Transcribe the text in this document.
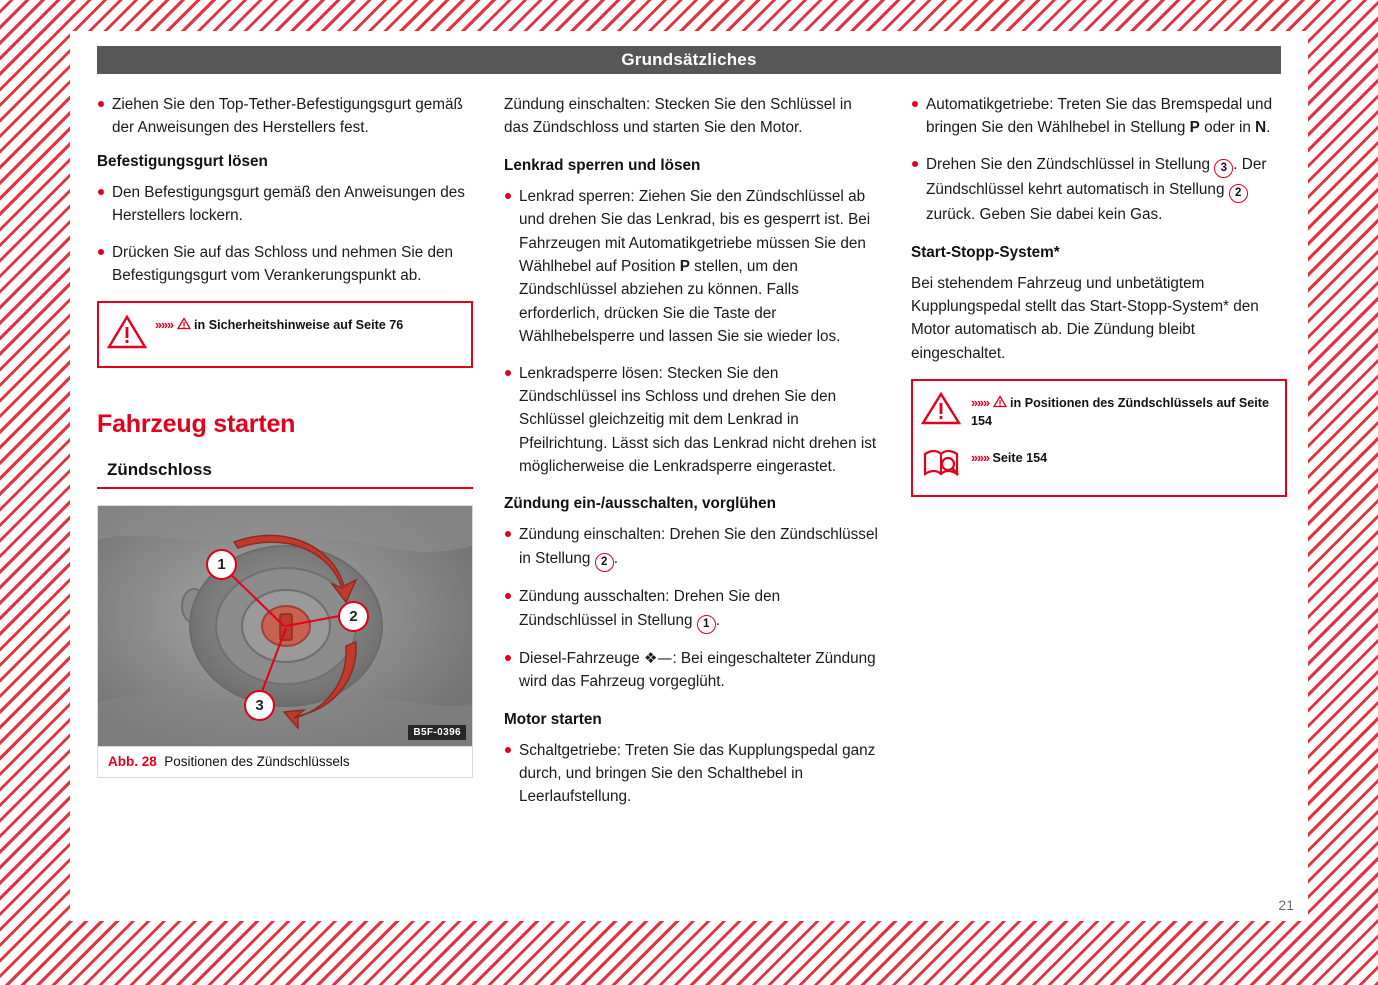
Grundsätzliches

Ziehen Sie den Top-Tether-Befestigungsgurt gemäß der Anweisungen des Herstellers fest.

Befestigungsgurt lösen

Den Befestigungsgurt gemäß den Anweisungen des Herstellers lockern.

Drücken Sie auf das Schloss und nehmen Sie den Befestigungsgurt vom Verankerungspunkt ab.

»»» in Sicherheitshinweise auf Seite 76
Fahrzeug starten
Zündschloss
1
2
3
B5F-0396
Abb. 28 Positionen des Zündschlüssels

Zündung einschalten: Stecken Sie den Schlüssel in das Zündschloss und starten Sie den Motor.

Lenkrad sperren und lösen

Lenkrad sperren: Ziehen Sie den Zündschlüssel ab und drehen Sie das Lenkrad, bis es gesperrt ist. Bei Fahrzeugen mit Automatikgetriebe müssen Sie den Wählhebel auf Position P stellen, um den Zündschlüssel abziehen zu können. Falls erforderlich, drücken Sie die Taste der Wählhebelsperre und lassen Sie sie wieder los.

Lenkradsperre lösen: Stecken Sie den Zündschlüssel ins Schloss und drehen Sie den Schlüssel gleichzeitig mit dem Lenkrad in Pfeilrichtung. Lässt sich das Lenkrad nicht drehen ist möglicherweise die Lenkradsperre eingerastet.

Zündung ein-/ausschalten, vorglühen

Zündung einschalten: Drehen Sie den Zündschlüssel in Stellung 2 .

Zündung ausschalten: Drehen Sie den Zündschlüssel in Stellung 1 .

Diesel-Fahrzeuge ❖—: Bei eingeschalteter Zündung wird das Fahrzeug vorgeglüht.

Motor starten

Schaltgetriebe: Treten Sie das Kupplungspedal ganz durch, und bringen Sie den Schalthebel in Leerlaufstellung.

Automatikgetriebe: Treten Sie das Bremspedal und bringen Sie den Wählhebel in Stellung P oder in N.

Drehen Sie den Zündschlüssel in Stellung 3 . Der Zündschlüssel kehrt automatisch in Stellung 2 zurück. Geben Sie dabei kein Gas.

Start-Stopp-System*

Bei stehendem Fahrzeug und unbetätigtem Kupplungspedal stellt das Start-Stopp-System* den Motor automatisch ab. Die Zündung bleibt eingeschaltet.

»»» in Positionen des Zündschlüssels auf Seite 154
»»» Seite 154
21
